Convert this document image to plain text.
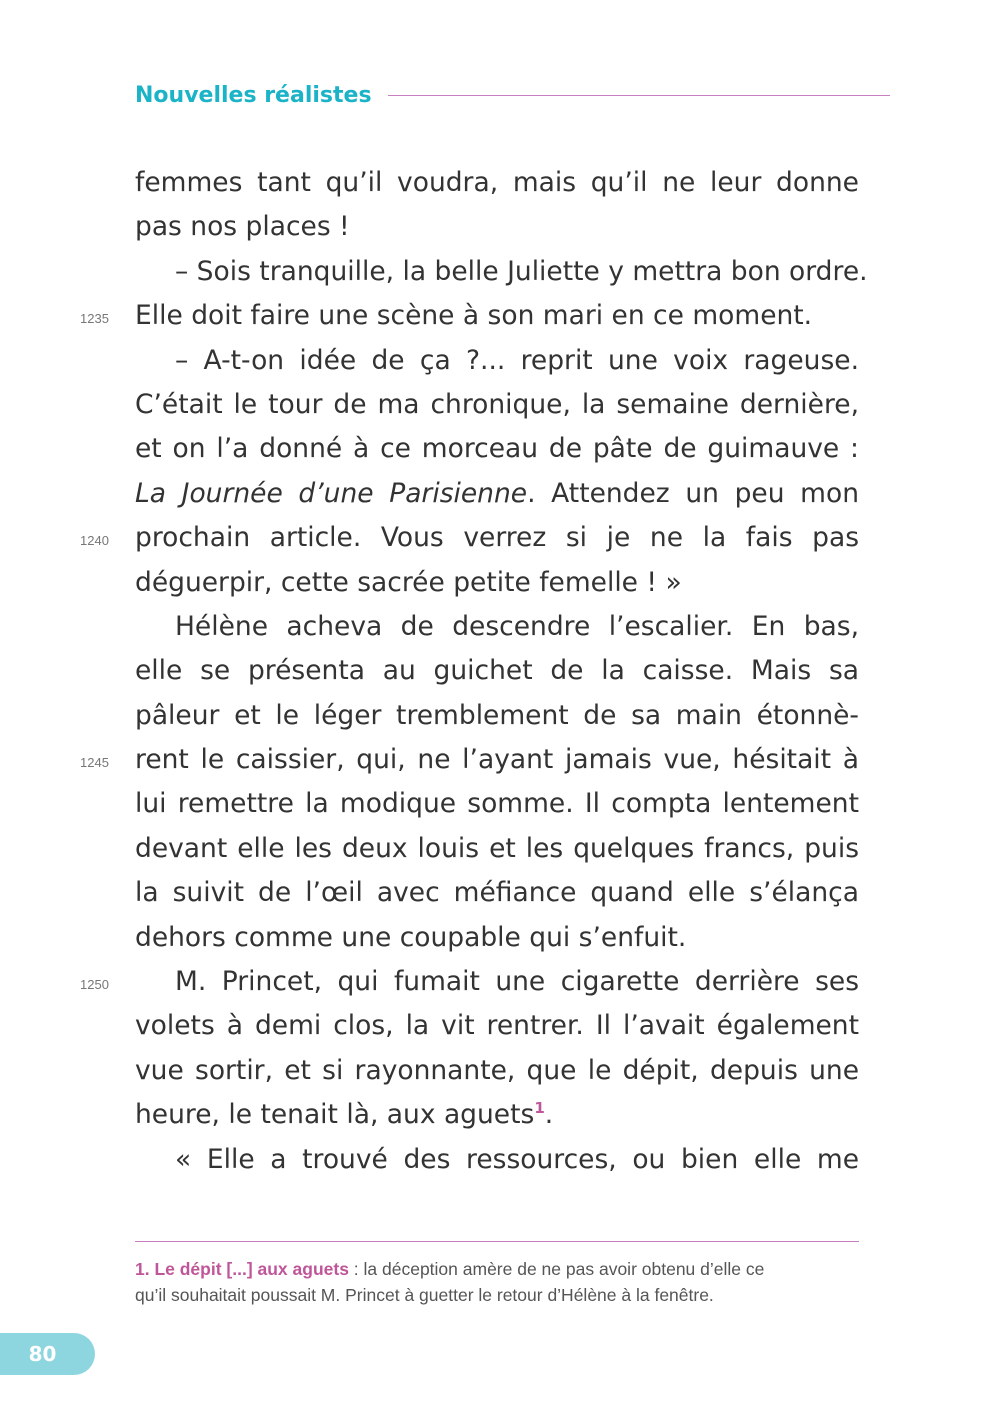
Nouvelles réalistes
femmes tant qu’il voudra, mais qu’il ne leur donne
pas nos places !
– Sois tranquille, la belle Juliette y mettra bon ordre.
Elle doit faire une scène à son mari en ce moment.
– A-t-on idée de ça ?... reprit une voix rageuse.
C’était le tour de ma chronique, la semaine dernière,
et on l’a donné à ce morceau de pâte de guimauve :
La Journée d’une Parisienne. Attendez un peu mon
prochain article. Vous verrez si je ne la fais pas
déguerpir, cette sacrée petite femelle ! »
Hélène acheva de descendre l’escalier. En bas,
elle se présenta au guichet de la caisse. Mais sa
pâleur et le léger tremblement de sa main étonnè-
rent le caissier, qui, ne l’ayant jamais vue, hésitait à
lui remettre la modique somme. Il compta lentement
devant elle les deux louis et les quelques francs, puis
la suivit de l’œil avec méfiance quand elle s’élança
dehors comme une coupable qui s’enfuit.
M. Princet, qui fumait une cigarette derrière ses
volets à demi clos, la vit rentrer. Il l’avait également
vue sortir, et si rayonnante, que le dépit, depuis une
heure, le tenait là, aux aguets$^1$.
« Elle a trouvé des ressources, ou bien elle me
1235
1240
1245
1250
1. Le dépit [...] aux aguets : la déception amère de ne pas avoir obtenu d’elle ce
qu’il souhaitait poussait M. Princet à guetter le retour d’Hélène à la fenêtre.
80
